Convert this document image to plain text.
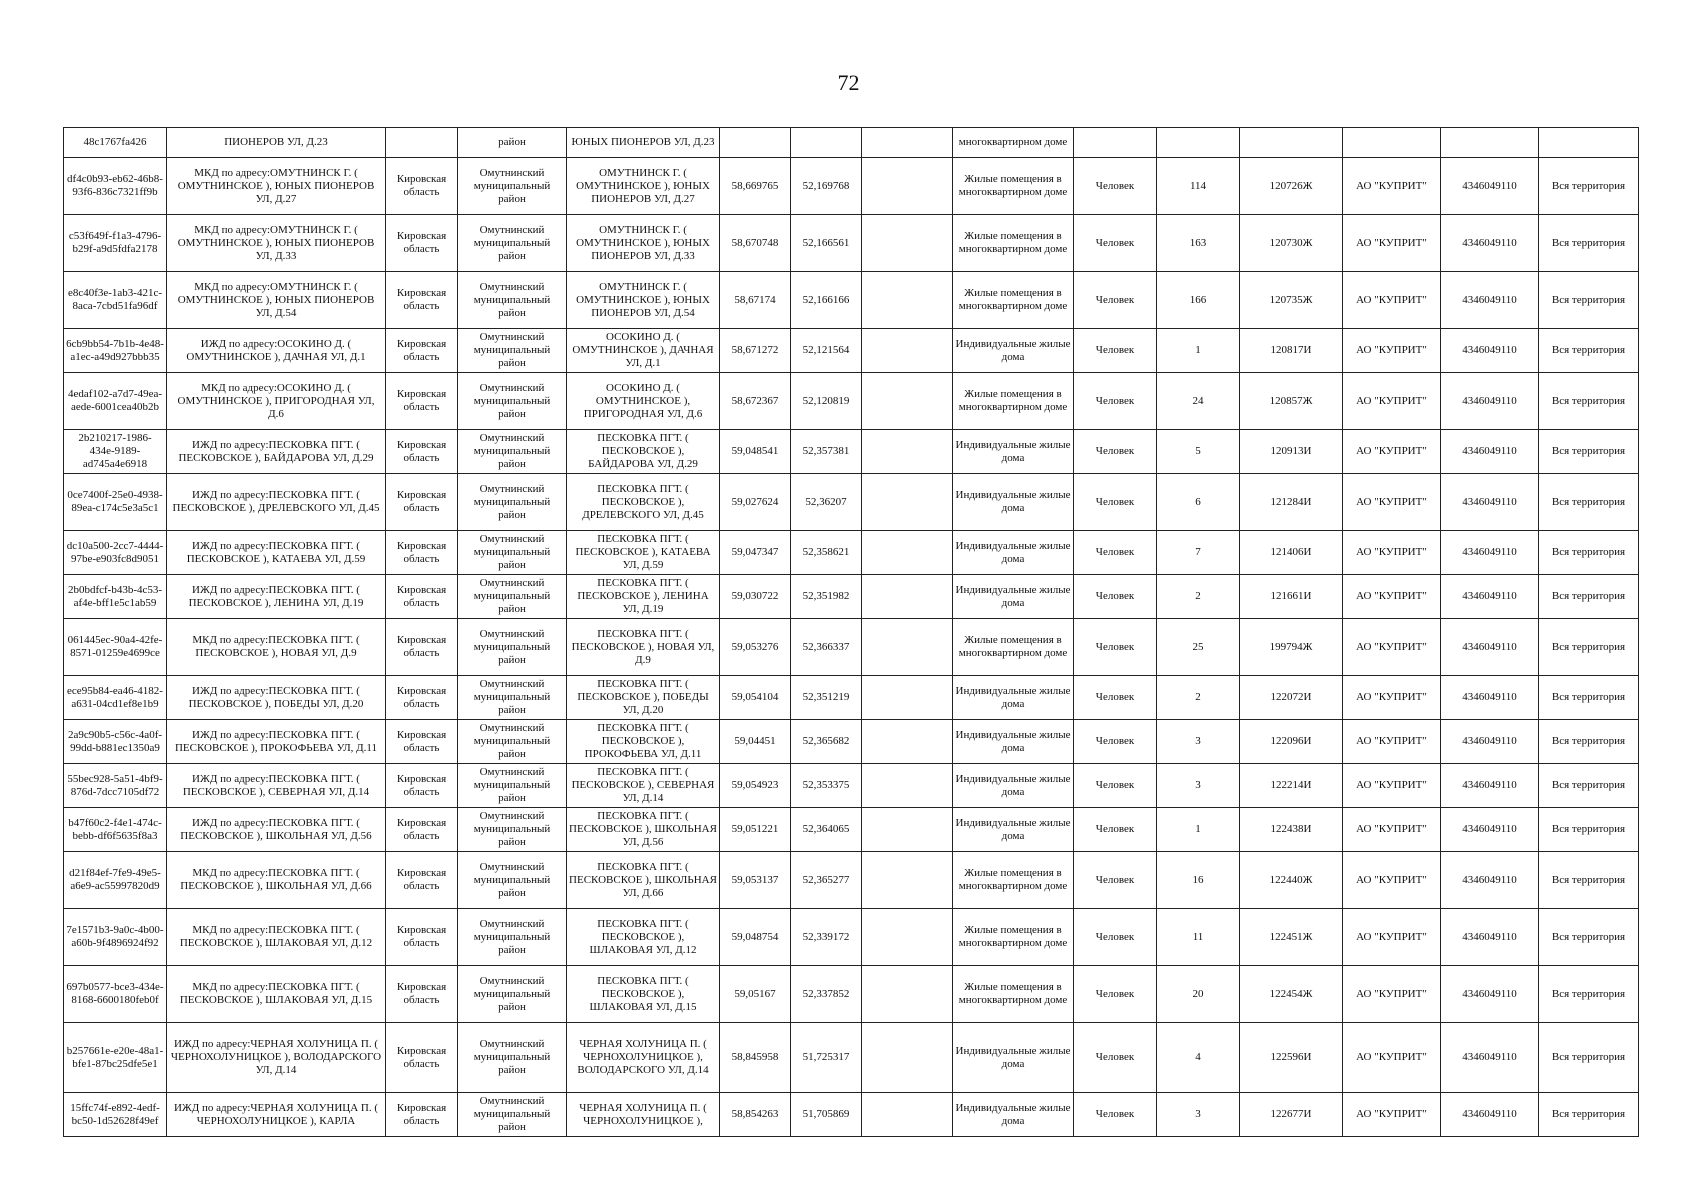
72
48c1767fa426	ПИОНЕРОВ УЛ, Д.23		район	ЮНЫХ ПИОНЕРОВ УЛ, Д.23				многоквартирном доме						
df4c0b93-eb62-46b8-93f6-836c7321ff9b	МКД по адресу:ОМУТНИНСК Г. ( ОМУТНИНСКОЕ ), ЮНЫХ ПИОНЕРОВ УЛ, Д.27	Кировская область	Омутнинский муниципальный район	ОМУТНИНСК Г. ( ОМУТНИНСКОЕ ), ЮНЫХ ПИОНЕРОВ УЛ, Д.27	58,669765	52,169768		Жилые помещения в многоквартирном доме	Человек	114	120726Ж	АО "КУПРИТ"	4346049110	Вся территория
c53f649f-f1a3-4796-b29f-a9d5fdfa2178	МКД по адресу:ОМУТНИНСК Г. ( ОМУТНИНСКОЕ ), ЮНЫХ ПИОНЕРОВ УЛ, Д.33	Кировская область	Омутнинский муниципальный район	ОМУТНИНСК Г. ( ОМУТНИНСКОЕ ), ЮНЫХ ПИОНЕРОВ УЛ, Д.33	58,670748	52,166561		Жилые помещения в многоквартирном доме	Человек	163	120730Ж	АО "КУПРИТ"	4346049110	Вся территория
e8c40f3e-1ab3-421c-8aca-7cbd51fa96df	МКД по адресу:ОМУТНИНСК Г. ( ОМУТНИНСКОЕ ), ЮНЫХ ПИОНЕРОВ УЛ, Д.54	Кировская область	Омутнинский муниципальный район	ОМУТНИНСК Г. ( ОМУТНИНСКОЕ ), ЮНЫХ ПИОНЕРОВ УЛ, Д.54	58,67174	52,166166		Жилые помещения в многоквартирном доме	Человек	166	120735Ж	АО "КУПРИТ"	4346049110	Вся территория
6cb9bb54-7b1b-4e48-a1ec-a49d927bbb35	ИЖД по адресу:ОСОКИНО Д. ( ОМУТНИНСКОЕ ), ДАЧНАЯ УЛ, Д.1	Кировская область	Омутнинский муниципальный район	ОСОКИНО Д. ( ОМУТНИНСКОЕ ), ДАЧНАЯ УЛ, Д.1	58,671272	52,121564		Индивидуальные жилые дома	Человек	1	120817И	АО "КУПРИТ"	4346049110	Вся территория
4edaf102-a7d7-49ea-aede-6001cea40b2b	МКД по адресу:ОСОКИНО Д. ( ОМУТНИНСКОЕ ), ПРИГОРОДНАЯ УЛ, Д.6	Кировская область	Омутнинский муниципальный район	ОСОКИНО Д. ( ОМУТНИНСКОЕ ), ПРИГОРОДНАЯ УЛ, Д.6	58,672367	52,120819		Жилые помещения в многоквартирном доме	Человек	24	120857Ж	АО "КУПРИТ"	4346049110	Вся территория
2b210217-1986-434e-9189-ad745a4e6918	ИЖД по адресу:ПЕСКОВКА ПГТ. ( ПЕСКОВСКОЕ ), БАЙДАРОВА УЛ, Д.29	Кировская область	Омутнинский муниципальный район	ПЕСКОВКА ПГТ. ( ПЕСКОВСКОЕ ), БАЙДАРОВА УЛ, Д.29	59,048541	52,357381		Индивидуальные жилые дома	Человек	5	120913И	АО "КУПРИТ"	4346049110	Вся территория
0ce7400f-25e0-4938-89ea-c174c5e3a5c1	ИЖД по адресу:ПЕСКОВКА ПГТ. ( ПЕСКОВСКОЕ ), ДРЕЛЕВСКОГО УЛ, Д.45	Кировская область	Омутнинский муниципальный район	ПЕСКОВКА ПГТ. ( ПЕСКОВСКОЕ ), ДРЕЛЕВСКОГО УЛ, Д.45	59,027624	52,36207		Индивидуальные жилые дома	Человек	6	121284И	АО "КУПРИТ"	4346049110	Вся территория
dc10a500-2cc7-4444-97be-e903fc8d9051	ИЖД по адресу:ПЕСКОВКА ПГТ. ( ПЕСКОВСКОЕ ), КАТАЕВА УЛ, Д.59	Кировская область	Омутнинский муниципальный район	ПЕСКОВКА ПГТ. ( ПЕСКОВСКОЕ ), КАТАЕВА УЛ, Д.59	59,047347	52,358621		Индивидуальные жилые дома	Человек	7	121406И	АО "КУПРИТ"	4346049110	Вся территория
2b0bdfcf-b43b-4c53-af4e-bff1e5c1ab59	ИЖД по адресу:ПЕСКОВКА ПГТ. ( ПЕСКОВСКОЕ ), ЛЕНИНА УЛ, Д.19	Кировская область	Омутнинский муниципальный район	ПЕСКОВКА ПГТ. ( ПЕСКОВСКОЕ ), ЛЕНИНА УЛ, Д.19	59,030722	52,351982		Индивидуальные жилые дома	Человек	2	121661И	АО "КУПРИТ"	4346049110	Вся территория
061445ec-90a4-42fe-8571-01259e4699ce	МКД по адресу:ПЕСКОВКА ПГТ. ( ПЕСКОВСКОЕ ), НОВАЯ УЛ, Д.9	Кировская область	Омутнинский муниципальный район	ПЕСКОВКА ПГТ. ( ПЕСКОВСКОЕ ), НОВАЯ УЛ, Д.9	59,053276	52,366337		Жилые помещения в многоквартирном доме	Человек	25	199794Ж	АО "КУПРИТ"	4346049110	Вся территория
ece95b84-ea46-4182-a631-04cd1ef8e1b9	ИЖД по адресу:ПЕСКОВКА ПГТ. ( ПЕСКОВСКОЕ ), ПОБЕДЫ УЛ, Д.20	Кировская область	Омутнинский муниципальный район	ПЕСКОВКА ПГТ. ( ПЕСКОВСКОЕ ), ПОБЕДЫ УЛ, Д.20	59,054104	52,351219		Индивидуальные жилые дома	Человек	2	122072И	АО "КУПРИТ"	4346049110	Вся территория
2a9c90b5-c56c-4a0f-99dd-b881ec1350a9	ИЖД по адресу:ПЕСКОВКА ПГТ. ( ПЕСКОВСКОЕ ), ПРОКОФЬЕВА УЛ, Д.11	Кировская область	Омутнинский муниципальный район	ПЕСКОВКА ПГТ. ( ПЕСКОВСКОЕ ), ПРОКОФЬЕВА УЛ, Д.11	59,04451	52,365682		Индивидуальные жилые дома	Человек	3	122096И	АО "КУПРИТ"	4346049110	Вся территория
55bec928-5a51-4bf9-876d-7dcc7105df72	ИЖД по адресу:ПЕСКОВКА ПГТ. ( ПЕСКОВСКОЕ ), СЕВЕРНАЯ УЛ, Д.14	Кировская область	Омутнинский муниципальный район	ПЕСКОВКА ПГТ. ( ПЕСКОВСКОЕ ), СЕВЕРНАЯ УЛ, Д.14	59,054923	52,353375		Индивидуальные жилые дома	Человек	3	122214И	АО "КУПРИТ"	4346049110	Вся территория
b47f60c2-f4e1-474c-bebb-df6f5635f8a3	ИЖД по адресу:ПЕСКОВКА ПГТ. ( ПЕСКОВСКОЕ ), ШКОЛЬНАЯ УЛ, Д.56	Кировская область	Омутнинский муниципальный район	ПЕСКОВКА ПГТ. ( ПЕСКОВСКОЕ ), ШКОЛЬНАЯ УЛ, Д.56	59,051221	52,364065		Индивидуальные жилые дома	Человек	1	122438И	АО "КУПРИТ"	4346049110	Вся территория
d21f84ef-7fe9-49e5-a6e9-ac55997820d9	МКД по адресу:ПЕСКОВКА ПГТ. ( ПЕСКОВСКОЕ ), ШКОЛЬНАЯ УЛ, Д.66	Кировская область	Омутнинский муниципальный район	ПЕСКОВКА ПГТ. ( ПЕСКОВСКОЕ ), ШКОЛЬНАЯ УЛ, Д.66	59,053137	52,365277		Жилые помещения в многоквартирном доме	Человек	16	122440Ж	АО "КУПРИТ"	4346049110	Вся территория
7e1571b3-9a0c-4b00-a60b-9f4896924f92	МКД по адресу:ПЕСКОВКА ПГТ. ( ПЕСКОВСКОЕ ), ШЛАКОВАЯ УЛ, Д.12	Кировская область	Омутнинский муниципальный район	ПЕСКОВКА ПГТ. ( ПЕСКОВСКОЕ ), ШЛАКОВАЯ УЛ, Д.12	59,048754	52,339172		Жилые помещения в многоквартирном доме	Человек	11	122451Ж	АО "КУПРИТ"	4346049110	Вся территория
697b0577-bce3-434e-8168-6600180feb0f	МКД по адресу:ПЕСКОВКА ПГТ. ( ПЕСКОВСКОЕ ), ШЛАКОВАЯ УЛ, Д.15	Кировская область	Омутнинский муниципальный район	ПЕСКОВКА ПГТ. ( ПЕСКОВСКОЕ ), ШЛАКОВАЯ УЛ, Д.15	59,05167	52,337852		Жилые помещения в многоквартирном доме	Человек	20	122454Ж	АО "КУПРИТ"	4346049110	Вся территория
b257661e-e20e-48a1-bfe1-87bc25dfe5e1	ИЖД по адресу:ЧЕРНАЯ ХОЛУНИЦА П. ( ЧЕРНОХОЛУНИЦКОЕ ), ВОЛОДАРСКОГО УЛ, Д.14	Кировская область	Омутнинский муниципальный район	ЧЕРНАЯ ХОЛУНИЦА П. ( ЧЕРНОХОЛУНИЦКОЕ ), ВОЛОДАРСКОГО УЛ, Д.14	58,845958	51,725317		Индивидуальные жилые дома	Человек	4	122596И	АО "КУПРИТ"	4346049110	Вся территория
15ffc74f-e892-4edf-bc50-1d52628f49ef	ИЖД по адресу:ЧЕРНАЯ ХОЛУНИЦА П. ( ЧЕРНОХОЛУНИЦКОЕ ), КАРЛА	Кировская область	Омутнинский муниципальный район	ЧЕРНАЯ ХОЛУНИЦА П. ( ЧЕРНОХОЛУНИЦКОЕ ),	58,854263	51,705869		Индивидуальные жилые дома	Человек	3	122677И	АО "КУПРИТ"	4346049110	Вся территория
